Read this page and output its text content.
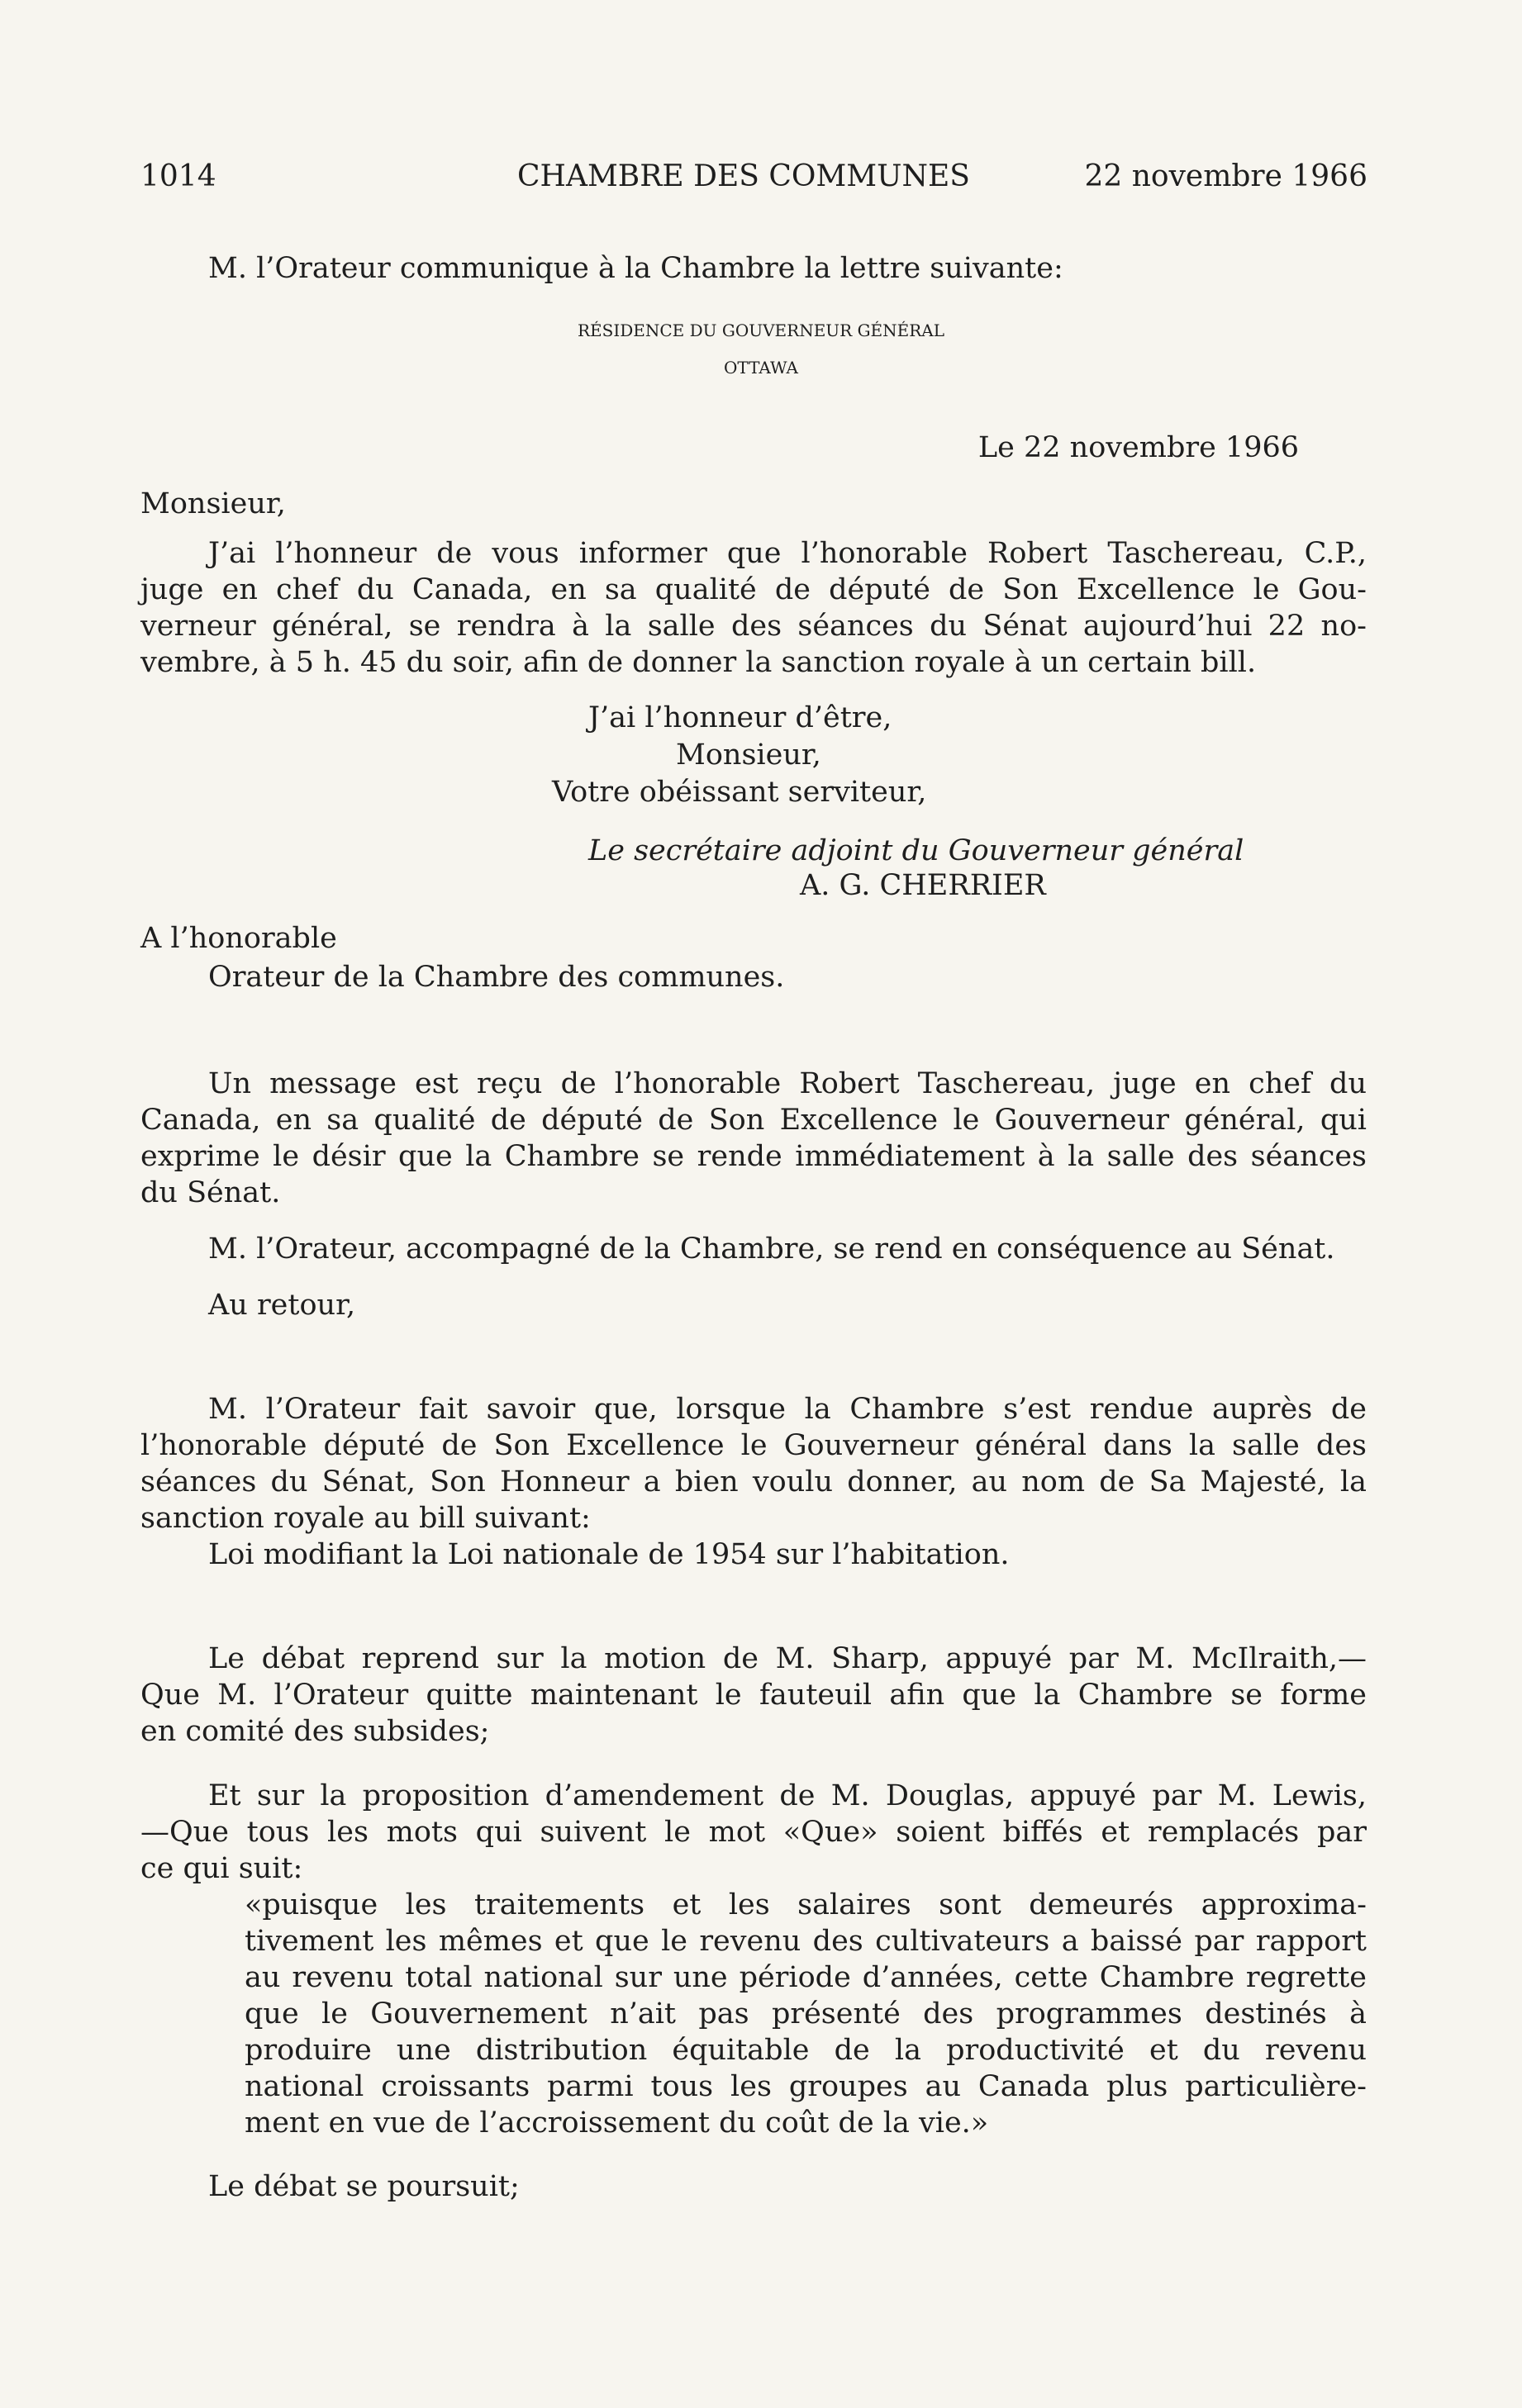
1014	CHAMBRE DES COMMUNES	22 novembre 1966
M. l’Orateur communique à la Chambre la lettre suivante:
RÉSIDENCE DU GOUVERNEUR GÉNÉRAL
OTTAWA
Le 22 novembre 1966
Monsieur,
J’ai l’honneur de vous informer que l’honorable Robert Taschereau, C.P.,
juge en chef du Canada, en sa qualité de député de Son Excellence le Gou-
verneur général, se rendra à la salle des séances du Sénat aujourd’hui 22 no-
vembre, à 5 h. 45 du soir, afin de donner la sanction royale à un certain bill.
J’ai l’honneur d’être,
Monsieur,
Votre obéissant serviteur,
Le secrétaire adjoint du Gouverneur général
A. G. CHERRIER
A l’honorable
Orateur de la Chambre des communes.
Un message est reçu de l’honorable Robert Taschereau, juge en chef du
Canada, en sa qualité de député de Son Excellence le Gouverneur général, qui
exprime le désir que la Chambre se rende immédiatement à la salle des séances
du Sénat.
M. l’Orateur, accompagné de la Chambre, se rend en conséquence au Sénat.
Au retour,
M. l’Orateur fait savoir que, lorsque la Chambre s’est rendue auprès de
l’honorable député de Son Excellence le Gouverneur général dans la salle des
séances du Sénat, Son Honneur a bien voulu donner, au nom de Sa Majesté, la
sanction royale au bill suivant:
Loi modifiant la Loi nationale de 1954 sur l’habitation.
Le débat reprend sur la motion de M. Sharp, appuyé par M. McIlraith,—
Que M. l’Orateur quitte maintenant le fauteuil afin que la Chambre se forme
en comité des subsides;
Et sur la proposition d’amendement de M. Douglas, appuyé par M. Lewis,
—Que tous les mots qui suivent le mot «Que» soient biffés et remplacés par
ce qui suit:
«puisque les traitements et les salaires sont demeurés approxima-
tivement les mêmes et que le revenu des cultivateurs a baissé par rapport
au revenu total national sur une période d’années, cette Chambre regrette
que le Gouvernement n’ait pas présenté des programmes destinés à
produire une distribution équitable de la productivité et du revenu
national croissants parmi tous les groupes au Canada plus particulière-
ment en vue de l’accroissement du coût de la vie.»
Le débat se poursuit;
